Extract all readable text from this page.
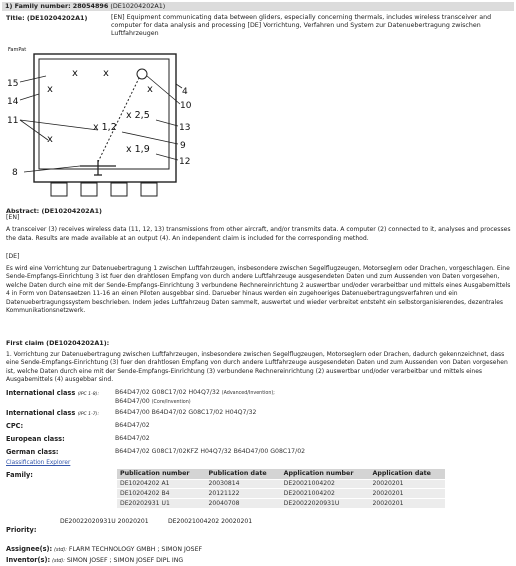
1) Family number: 28054896 (DE10204202A1)
Title: (DE10204202A1)	[EN] Equipment communicating data between gliders, especially concerning thermals, includes wireless transceiver and computer for data analysis and processing [DE] Vorrichtung, Verfahren und System zur Datenuebertragung zwischen Luftfahrzeugen
FamPat
x	x
x	x
x
x 2,5
x 1,2
x 1,9
15
14
11
8
4
10
13
9
12
Abstract: (DE10204202A1)
[EN]
A transceiver (3) receives wireless data (11, 12, 13) transmissions from other aircraft, and/or transmits data. A computer (2) connected to it, analyses and processes the data. Results are made available at an output (4). An independent claim is included for the corresponding method.
[DE]
Es wird eine Vorrichtung zur Datenuebertragung 1 zwischen Luftfahrzeugen, insbesondere zwischen Segelflugzeugen, Motorseglern oder Drachen, vorgeschlagen. Eine Sende-Empfangs-Einrichtung 3 ist fuer den drahtlosen Empfang von durch andere Luftfahrzeuge ausgesendeten Daten und zum Aussenden von Daten vorgesehen, welche Daten durch eine mit der Sende-Empfangs-Einrichtung 3 verbundene Rechnereinrichtung 2 auswertbar und/oder verarbeitbar und mittels eines Ausgabemittels 4 in Form von Datensaetzen 11-16 an einen Piloten ausgebbar sind. Darueber hinaus werden ein zugehoeriges Datenuebertragungsverfahren und ein Datenuebertragungssystem beschrieben. Indem jedes Luftfahrzeug Daten sammelt, auswertet und wieder verbreitet entsteht ein selbstorganisierendes, dezentrales Kommunikationsnetzwerk.
First claim (DE10204202A1):
1. Vorrichtung zur Datenuebertragung zwischen Luftfahrzeugen, insbesondere zwischen Segelflugzeugen, Motorseglern oder Drachen, dadurch gekennzeichnet, dass eine Sende-Empfangs-Einrichtung (3) fuer den drahtlosen Empfang von durch andere Luftfahrzeuge ausgesendeten Daten und zum Aussenden von Daten vorgesehen ist, welche Daten durch eine mit der Sende-Empfangs-Einrichtung (3) verbundene Rechnereinrichtung (2) auswertbar und/oder verarbeitbar und mittels eines Ausgabemittels (4) ausgebbar sind.
International class (IPC 1-8):	B64D47/02 G08C17/02 H04Q7/32 (Advanced/Invention);
B64D47/00 (Core/Invention)
International class (IPC 1-7):	B64D47/00 B64D47/02 G08C17/02 H04Q7/32
CPC:	B64D47/02
European class:	B64D47/02
German class:	B64D47/02 G08C17/02KFZ H04Q7/32 B64D47/00 G08C17/02
Classification Explorer
Family:	Publication number	Publication date	Application number	Application date
DE10204202 A1	20030814	DE20021004202	20020201
DE10204202 B4	20121122	DE20021004202	20020201
DE20202931 U1	20040708	DE20022020931U	20020201
DE20022020931U 20020201          DE20021004202 20020201
Priority:
Assignee(s): (std): FLARM TECHNOLOGY GMBH ; SIMON JOSEF
Inventor(s): (std): SIMON JOSEF ; SIMON JOSEF DIPL ING
